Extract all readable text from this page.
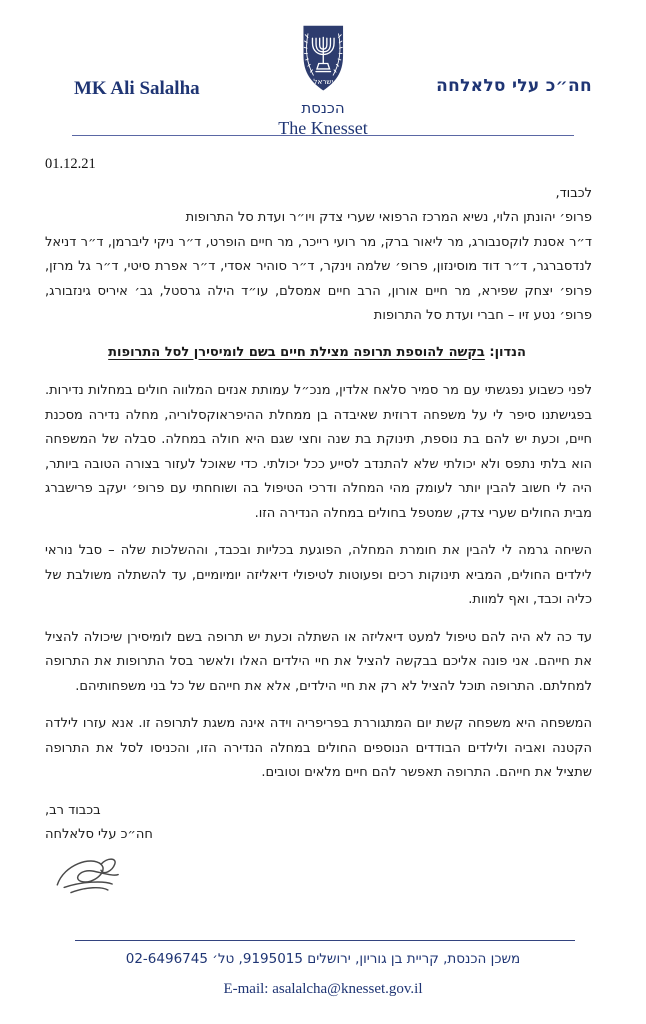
חה״כ עלי סלאלחה
ישראל
הכנסת
The Knesset
MK Ali Salalha

01.12.21

לכבוד,

פרופ׳ יהונתן הלוי, נשיא המרכז הרפואי שערי צדק ויו״ר ועדת סל התרופות

ד״ר אסנת לוקסנבורג, מר ליאור ברק, מר רועי רייכר, מר חיים הופרט, ד״ר ניקי ליברמן, ד״ר דניאל לנדסברגר, ד״ר דוד מוסינזון, פרופ׳ שלמה וינקר, ד״ר סוהיר אסדי, ד״ר אפרת סיטי, ד״ר גל מרזן, פרופ׳ יצחק שפירא, מר חיים אורון, הרב חיים אמסלם, עו״ד הילה גרסטל, גב׳ איריס גינזבורג, פרופ׳ נטע זיו – חברי ועדת סל התרופות

הנדון: בקשה להוספת תרופה מצילת חיים בשם לומיסירן לסל התרופות

לפני כשבוע נפגשתי עם מר סמיר סלאח אלדין, מנכ״ל עמותת אנזים המלווה חולים במחלות נדירות. בפגישתנו סיפר לי על משפחה דרוזית שאיבדה בן ממחלת ההיפראוקסלוריה, מחלה נדירה מסכנת חיים, וכעת יש להם בת נוספת, תינוקת בת שנה וחצי שגם היא חולה במחלה. סבלה של המשפחה הוא בלתי נתפס ולא יכולתי שלא להתנדב לסייע ככל יכולתי. כדי שאוכל לעזור בצורה הטובה ביותר, היה לי חשוב להבין יותר לעומק מהי המחלה ודרכי הטיפול בה ושוחחתי עם פרופ׳ יעקב פרישברג מבית החולים שערי צדק, שמטפל בחולים במחלה הנדירה הזו.

השיחה גרמה לי להבין את חומרת המחלה, הפוגעת בכליות ובכבד, וההשלכות שלה – סבל נוראי לילדים החולים, המביא תינוקות רכים ופעוטות לטיפולי דיאליזה יומיומיים, עד להשתלה משולבת של כליה וכבד, ואף למוות.

עד כה לא היה להם טיפול למעט דיאליזה או השתלה וכעת יש תרופה בשם לומיסירן שיכולה להציל את חייהם. אני פונה אליכם בבקשה להציל את חיי הילדים האלו ולאשר בסל התרופות את התרופה למחלתם. התרופה תוכל להציל לא רק את חיי הילדים, אלא את חייהם של כל בני משפחותיהם.

המשפחה היא משפחה קשת יום המתגוררת בפריפריה וידה אינה משגת לתרופה זו. אנא עזרו לילדה הקטנה ואביה ולילדים הבודדים הנוספים החולים במחלה הנדירה הזו, והכניסו לסל את התרופה שתציל את חייהם. התרופה תאפשר להם חיים מלאים וטובים.

בכבוד רב,

חה״כ עלי סלאלחה

משכן הכנסת, קריית בן גוריון, ירושלים 9195015, טל׳ 02-6496745
E-mail: asalalcha@knesset.gov.il
